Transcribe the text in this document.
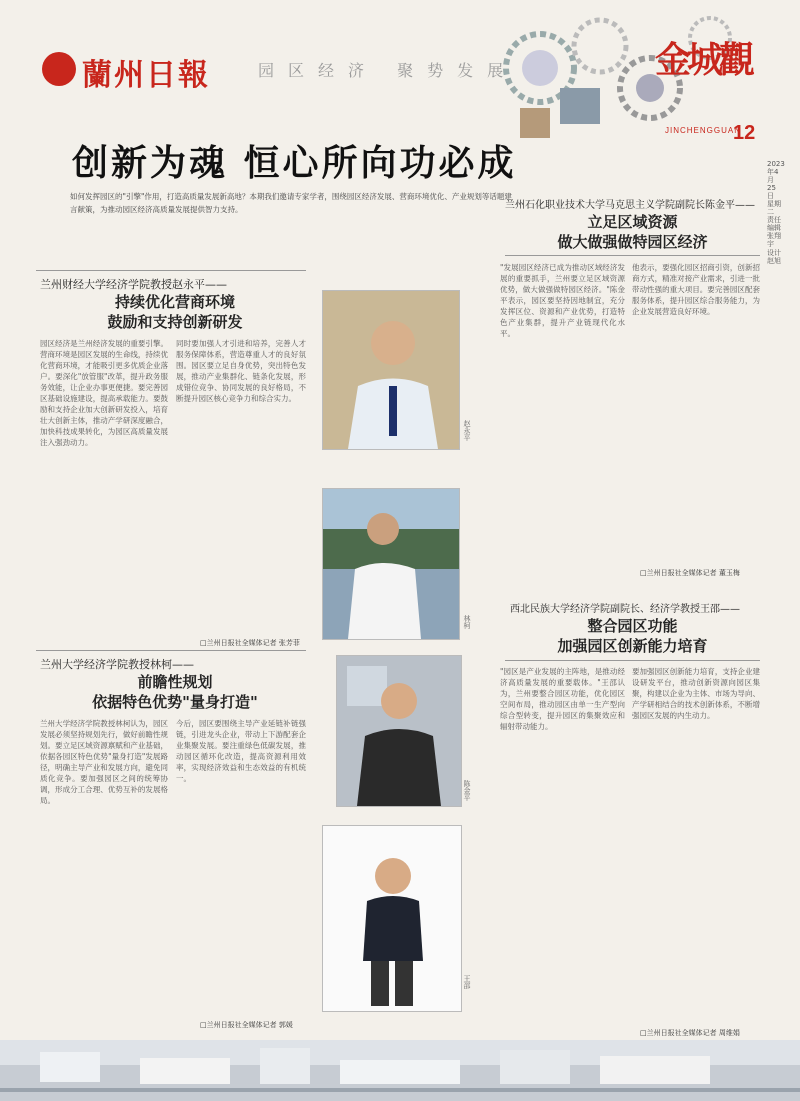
蘭州日報	园区经济 聚势发展	金城觀
JINCHENGGUAN
12
创新为魂 恒心所向功必成	2023年4月25日 星期二 责任编辑 张翔宇 设计 赵旭
如何发挥园区的"引擎"作用，打造高质量发展新高地？本期我们邀请专家学者，围绕园区经济发展、营商环境优化、产业规划等话题建言献策，为推动园区经济高质量发展提供智力支持。
兰州财经大学经济学院教授赵永平——
持续优化营商环境
鼓励和支持创新研发
园区经济是兰州经济发展的重要引擎。营商环境是园区发展的生命线，持续优化营商环境，才能吸引更多优质企业落户。要深化"放管服"改革，提升政务服务效能，让企业办事更便捷。要完善园区基础设施建设，提高承载能力。要鼓励和支持企业加大创新研发投入，培育壮大创新主体，推动产学研深度融合，加快科技成果转化，为园区高质量发展注入强劲动力。
同时要加强人才引进和培养，完善人才服务保障体系，营造尊重人才的良好氛围。园区要立足自身优势，突出特色发展，推动产业集群化、链条化发展，形成错位竞争、协同发展的良好格局，不断提升园区核心竞争力和综合实力。
□兰州日报社全媒体记者 张芳菲
兰州大学经济学院教授林柯——
前瞻性规划
依据特色优势"量身打造"
兰州大学经济学院教授林柯认为，园区发展必须坚持规划先行，做好前瞻性规划。要立足区域资源禀赋和产业基础，依据各园区特色优势"量身打造"发展路径，明确主导产业和发展方向，避免同质化竞争。要加强园区之间的统筹协调，形成分工合理、优势互补的发展格局。
今后，园区要围绕主导产业延链补链强链，引进龙头企业，带动上下游配套企业集聚发展。要注重绿色低碳发展，推动园区循环化改造，提高资源利用效率，实现经济效益和生态效益的有机统一。
□兰州日报社全媒体记者 郭媛
赵永平
林柯
陈金平
王邵
兰州石化职业技术大学马克思主义学院副院长陈金平——
立足区域资源
做大做强做特园区经济
"发展园区经济已成为推动区域经济发展的重要抓手，兰州要立足区域资源优势，做大做强做特园区经济。"陈金平表示，园区要坚持因地制宜，充分发挥区位、资源和产业优势，打造特色产业集群，提升产业链现代化水平。
他表示，要强化园区招商引资，创新招商方式，精准对接产业需求，引进一批带动性强的重大项目。要完善园区配套服务体系，提升园区综合服务能力，为企业发展营造良好环境。
□兰州日报社全媒体记者 董玉梅
西北民族大学经济学院副院长、经济学教授王邵——
整合园区功能
加强园区创新能力培育
"园区是产业发展的主阵地，是推动经济高质量发展的重要载体。"王邵认为，兰州要整合园区功能，优化园区空间布局，推动园区由单一生产型向综合型转变，提升园区的集聚效应和辐射带动能力。
要加强园区创新能力培育，支持企业建设研发平台，推动创新资源向园区集聚，构建以企业为主体、市场为导向、产学研相结合的技术创新体系，不断增强园区发展的内生动力。
□兰州日报社全媒体记者 周维娟
